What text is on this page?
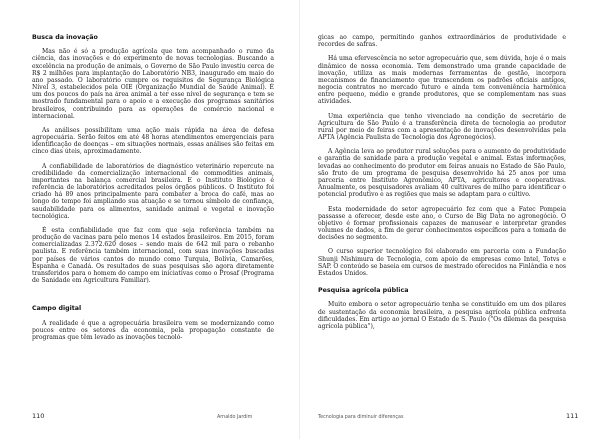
Busca da inovação

Mas não é só a produção agrícola que tem acompanhado o rumo da ciência, das inovações e do experimento de novas tecnologias. Buscando a excelência na produção de animais, o Governo de São Paulo investiu cerca de R$ 2 milhões para implantação do Laboratório NB3, inaugurado em maio do ano passado. O laboratório cumpre os requisitos de Segurança Biológica Nível 3, estabelecidos pela OIE (Organização Mundial de Saúde Animal). É um dos poucos do país na área animal a ter esse nível de segurança e tem se mostrado fundamental para o apoio e a execução dos programas sanitários brasileiros, contribuindo para as operações de comércio nacional e internacional.

As análises possibilitam uma ação mais rápida na área de defesa agropecuária. Serão feitos em até 48 horas atendimentos emergenciais para identificação de doenças – em situações normais, essas análises são feitas em cinco dias úteis, aproximadamente.

A confiabilidade de laboratórios de diagnóstico veterinário repercute na credibilidade da comercialização internacional de commodities animais, importantes na balança comercial brasileira. E o Instituto Biológico é referência de laboratórios acreditados pelos órgãos públicos. O Instituto foi criado há 89 anos principalmente para combater a broca do café, mas ao longo do tempo foi ampliando sua atuação e se tornou símbolo de confiança, saudabilidade para os alimentos, sanidade animal e vegetal e inovação tecnológica.

É esta confiabilidade que faz com que seja referência também na produção de vacinas para pelo menos 14 estados brasileiros. Em 2015, foram comercializadas 2.372.620 doses – sendo mais de 642 mil para o rebanho paulista. E referência também internacional, com suas inovações buscadas por países de vários cantos do mundo como Turquia, Bolívia, Camarões, Espanha e Canadá. Os resultados de suas pesquisas são agora diretamente transferidos para o homem do campo em iniciativas como o Prosaf (Programa de Sanidade em Agricultura Familiar).

Campo digital

A realidade é que a agropecuária brasileira vem se modernizando como poucos entre os setores da economia, pela propagação constante de programas que têm levado as inovações tecnoló-

110	Arnaldo Jardim

gicas ao campo, permitindo ganhos extraordinários de produtividade e recordes de safras.

Há uma efervescência no setor agropecuário que, sem dúvida, hoje é o mais dinâmico de nossa economia. Tem demonstrado uma grande capacidade de inovação, utiliza as mais modernas ferramentas de gestão, incorpora mecanismos de financiamento que transcendem os padrões oficiais antigos, negocia contratos no mercado futuro e ainda tem conveniência harmônica entre pequeno, médio e grande produtores, que se complementam nas suas atividades.

Uma experiência que tenho vivenciado na condição de secretário de Agricultura de São Paulo é a transferência direta de tecnologia ao produtor rural por meio de feiras com a apresentação de inovações desenvolvidas pela APTA (Agência Paulista de Tecnologia dos Agronegócios).

A Agência leva ao produtor rural soluções para o aumento de produtividade e garantia de sanidade para a produção vegetal e animal. Estas informações, levadas ao conhecimento do produtor em feiras anuais no Estado de São Paulo, são fruto de um programa de pesquisa desenvolvido há 25 anos por uma parceria entre Instituto Agronômico, APTA, agricultores e cooperativas. Anualmente, os pesquisadores avaliam 40 cultivares de milho para identificar o potencial produtivo e as regiões que mais se adaptam para o cultivo.

Esta modernidade do setor agropecuário fez com que a Fatec Pompeia passasse a oferecer, desde este ano, o Curso de Big Data no agronegócio. O objetivo é formar profissionais capazes de manusear e interpretar grandes volumes de dados, a fim de gerar conhecimentos específicos para a tomada de decisões no segmento.

O curso superior tecnológico foi elaborado em parceria com a Fundação Shunji Nishimura de Tecnologia, com apoio de empresas como Intel, Totvs e SAP. O conteúdo se baseia em cursos de mestrado oferecidos na Finlândia e nos Estados Unidos.

Pesquisa agrícola pública

Muito embora o setor agropecuário tenha se constituído em um dos pilares de sustentação da economia brasileira, a pesquisa agrícola pública enfrenta dificuldades. Em artigo ao jornal O Estado de S. Paulo ("Os dilemas da pesquisa agrícola pública"),

Tecnologia para diminuir diferenças	111
